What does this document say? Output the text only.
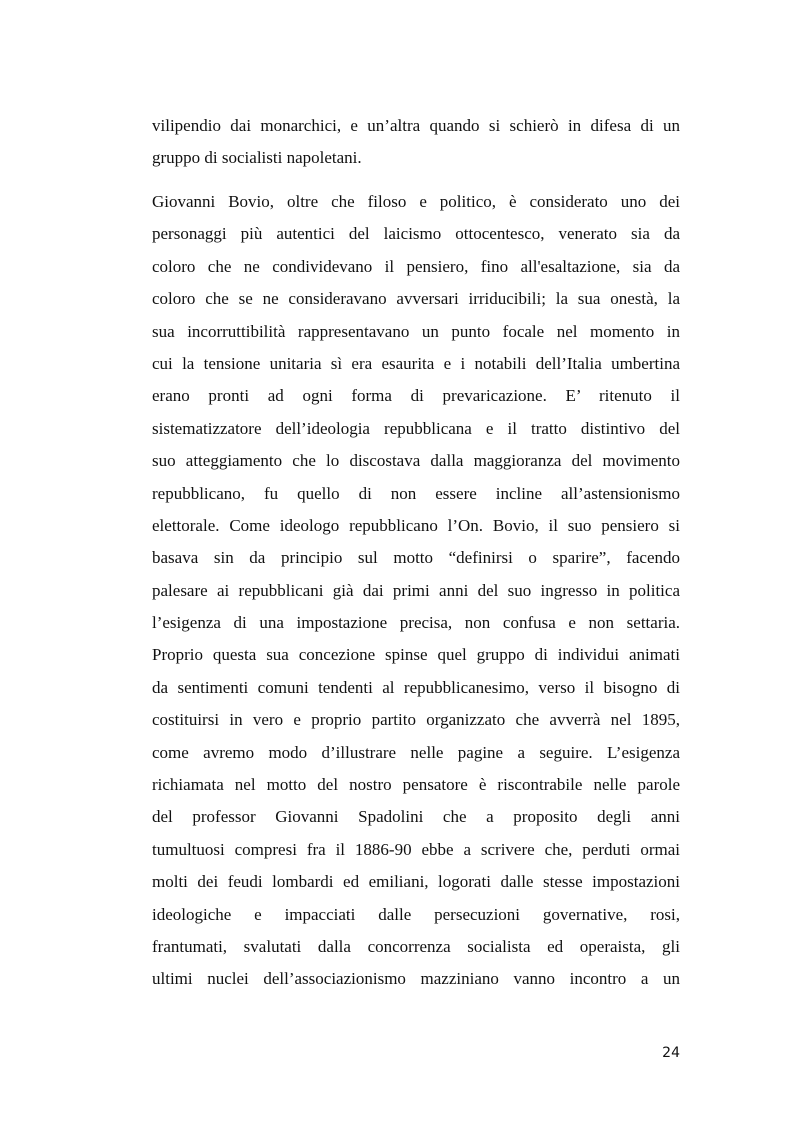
vilipendio dai monarchici, e un’altra quando si schierò in difesa di un
gruppo di socialisti napoletani.
Giovanni Bovio, oltre che filoso e politico, è considerato uno dei
personaggi più autentici del laicismo ottocentesco, venerato sia da
coloro che ne condividevano il pensiero, fino all'esaltazione, sia da
coloro che se ne consideravano avversari irriducibili; la sua onestà, la
sua incorruttibilità rappresentavano un punto focale nel momento in
cui la tensione unitaria sì era esaurita e i notabili dell’Italia umbertina
erano pronti ad ogni forma di prevaricazione. E’ ritenuto il
sistematizzatore dell’ideologia repubblicana e il tratto distintivo del
suo atteggiamento che lo discostava dalla maggioranza del movimento
repubblicano, fu quello di non essere incline all’astensionismo
elettorale. Come ideologo repubblicano l’On. Bovio, il suo pensiero si
basava sin da principio sul motto “definirsi o sparire”, facendo
palesare ai repubblicani già dai primi anni del suo ingresso in politica
l’esigenza di una impostazione precisa, non confusa e non settaria.
Proprio questa sua concezione spinse quel gruppo di individui animati
da sentimenti comuni tendenti al repubblicanesimo, verso il bisogno di
costituirsi in vero e proprio partito organizzato che avverrà nel 1895,
come avremo modo d’illustrare nelle pagine a seguire. L’esigenza
richiamata nel motto del nostro pensatore è riscontrabile nelle parole
del professor Giovanni Spadolini che a proposito degli anni
tumultuosi compresi fra il 1886-90 ebbe a scrivere che, perduti ormai
molti dei feudi lombardi ed emiliani, logorati dalle stesse impostazioni
ideologiche e impacciati dalle persecuzioni governative, rosi,
frantumati, svalutati dalla concorrenza socialista ed operaista, gli
ultimi nuclei dell’associazionismo mazziniano vanno incontro a un
24
